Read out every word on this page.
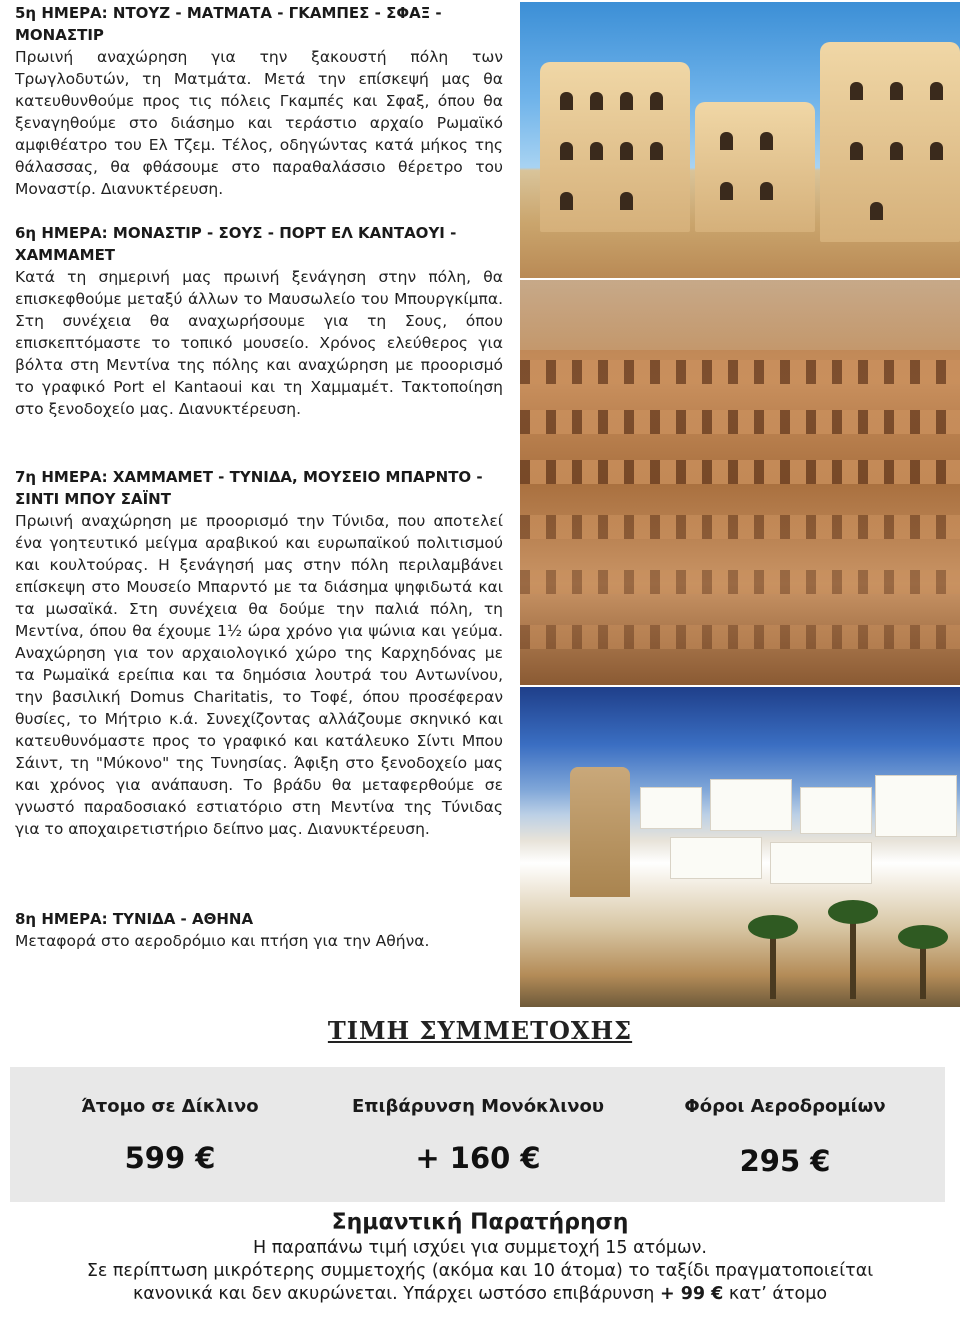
5η ΗΜΕΡΑ: ΝΤΟΥΖ - ΜΑΤΜΑΤΑ - ΓΚΑΜΠΕΣ - ΣΦΑΞ - ΜΟΝΑΣΤΙΡ

Πρωινή αναχώρηση για την ξακουστή πόλη των Τρωγλοδυτών, τη Ματμάτα. Μετά την επίσκεψή μας θα κατευθυνθούμε προς τις πόλεις Γκαμπές και Σφαξ, όπου θα ξεναγηθούμε στο διάσημο και τεράστιο αρχαίο Ρωμαϊκό αμφιθέατρο του Ελ Τζεμ. Τέλος, οδηγώντας κατά μήκος της θάλασσας, θα φθάσουμε στο παραθαλάσσιο θέρετρο του Μοναστίρ. Διανυκτέρευση.

6η ΗΜΕΡΑ: ΜΟΝΑΣΤΙΡ - ΣΟΥΣ - ΠΟΡΤ ΕΛ ΚΑΝΤΑΟΥΙ - ΧΑΜΜΑΜΕΤ

Κατά τη σημερινή μας πρωινή ξενάγηση στην πόλη, θα επισκεφθούμε μεταξύ άλλων το Μαυσωλείο του Μπουργκίμπα. Στη συνέχεια θα αναχωρήσουμε για τη Σους, όπου επισκεπτόμαστε το τοπικό μουσείο. Χρόνος ελεύθερος για βόλτα στη Μεντίνα της πόλης και αναχώρηση με προορισμό το γραφικό Port el Kantaoui και τη Χαμμαμέτ. Τακτοποίηση στο ξενοδοχείο μας. Διανυκτέρευση.

7η ΗΜΕΡΑ: ΧΑΜΜΑΜΕΤ - ΤΥΝΙΔΑ, ΜΟΥΣΕΙΟ ΜΠΑΡΝΤΟ - ΣΙΝΤΙ ΜΠΟΥ ΣΑΪΝΤ

Πρωινή αναχώρηση με προορισμό την Τύνιδα, που αποτελεί ένα γοητευτικό μείγμα αραβικού και ευρωπαϊκού πολιτισμού και κουλτούρας. Η ξενάγησή μας στην πόλη περιλαμβάνει επίσκεψη στο Μουσείο Μπαρντό με τα διάσημα ψηφιδωτά και τα μωσαϊκά. Στη συνέχεια θα δούμε την παλιά πόλη, τη Μεντίνα, όπου θα έχουμε 1½ ώρα χρόνο για ψώνια και γεύμα. Αναχώρηση για τον αρχαιολογικό χώρο της Καρχηδόνας με τα Ρωμαϊκά ερείπια και τα δημόσια λουτρά του Αντωνίνου, την βασιλική Domus Charitatis, το Τοφέ, όπου προσέφεραν θυσίες, το Μήτριο κ.ά. Συνεχίζοντας αλλάζουμε σκηνικό και κατευθυνόμαστε προς το γραφικό και κατάλευκο Σίντι Μπου Σάιντ, τη "Μύκονο" της Τυνησίας. Άφιξη στο ξενοδοχείο μας και χρόνος για ανάπαυση. Το βράδυ θα μεταφερθούμε σε γνωστό παραδοσιακό εστιατόριο στη Μεντίνα της Τύνιδας για το αποχαιρετιστήριο δείπνο μας. Διανυκτέρευση.

8η ΗΜΕΡΑ: ΤΥΝΙΔΑ - ΑΘΗΝΑ

Μεταφορά στο αεροδρόμιο και πτήση για την Αθήνα.

ΤΙΜΗ ΣΥΜΜΕΤΟΧΗΣ
Άτομο σε Δίκλινο
599 €
Επιβάρυνση Μονόκλινου
+ 160 €
Φόροι Αεροδρομίων
295 €
Σημαντική Παρατήρηση
Η παραπάνω τιμή ισχύει για συμμετοχή 15 ατόμων.
Σε περίπτωση μικρότερης συμμετοχής (ακόμα και 10 άτομα) το ταξίδι πραγματοποιείται
κανονικά και δεν ακυρώνεται. Υπάρχει ωστόσο επιβάρυνση + 99 € κατ’ άτομο
